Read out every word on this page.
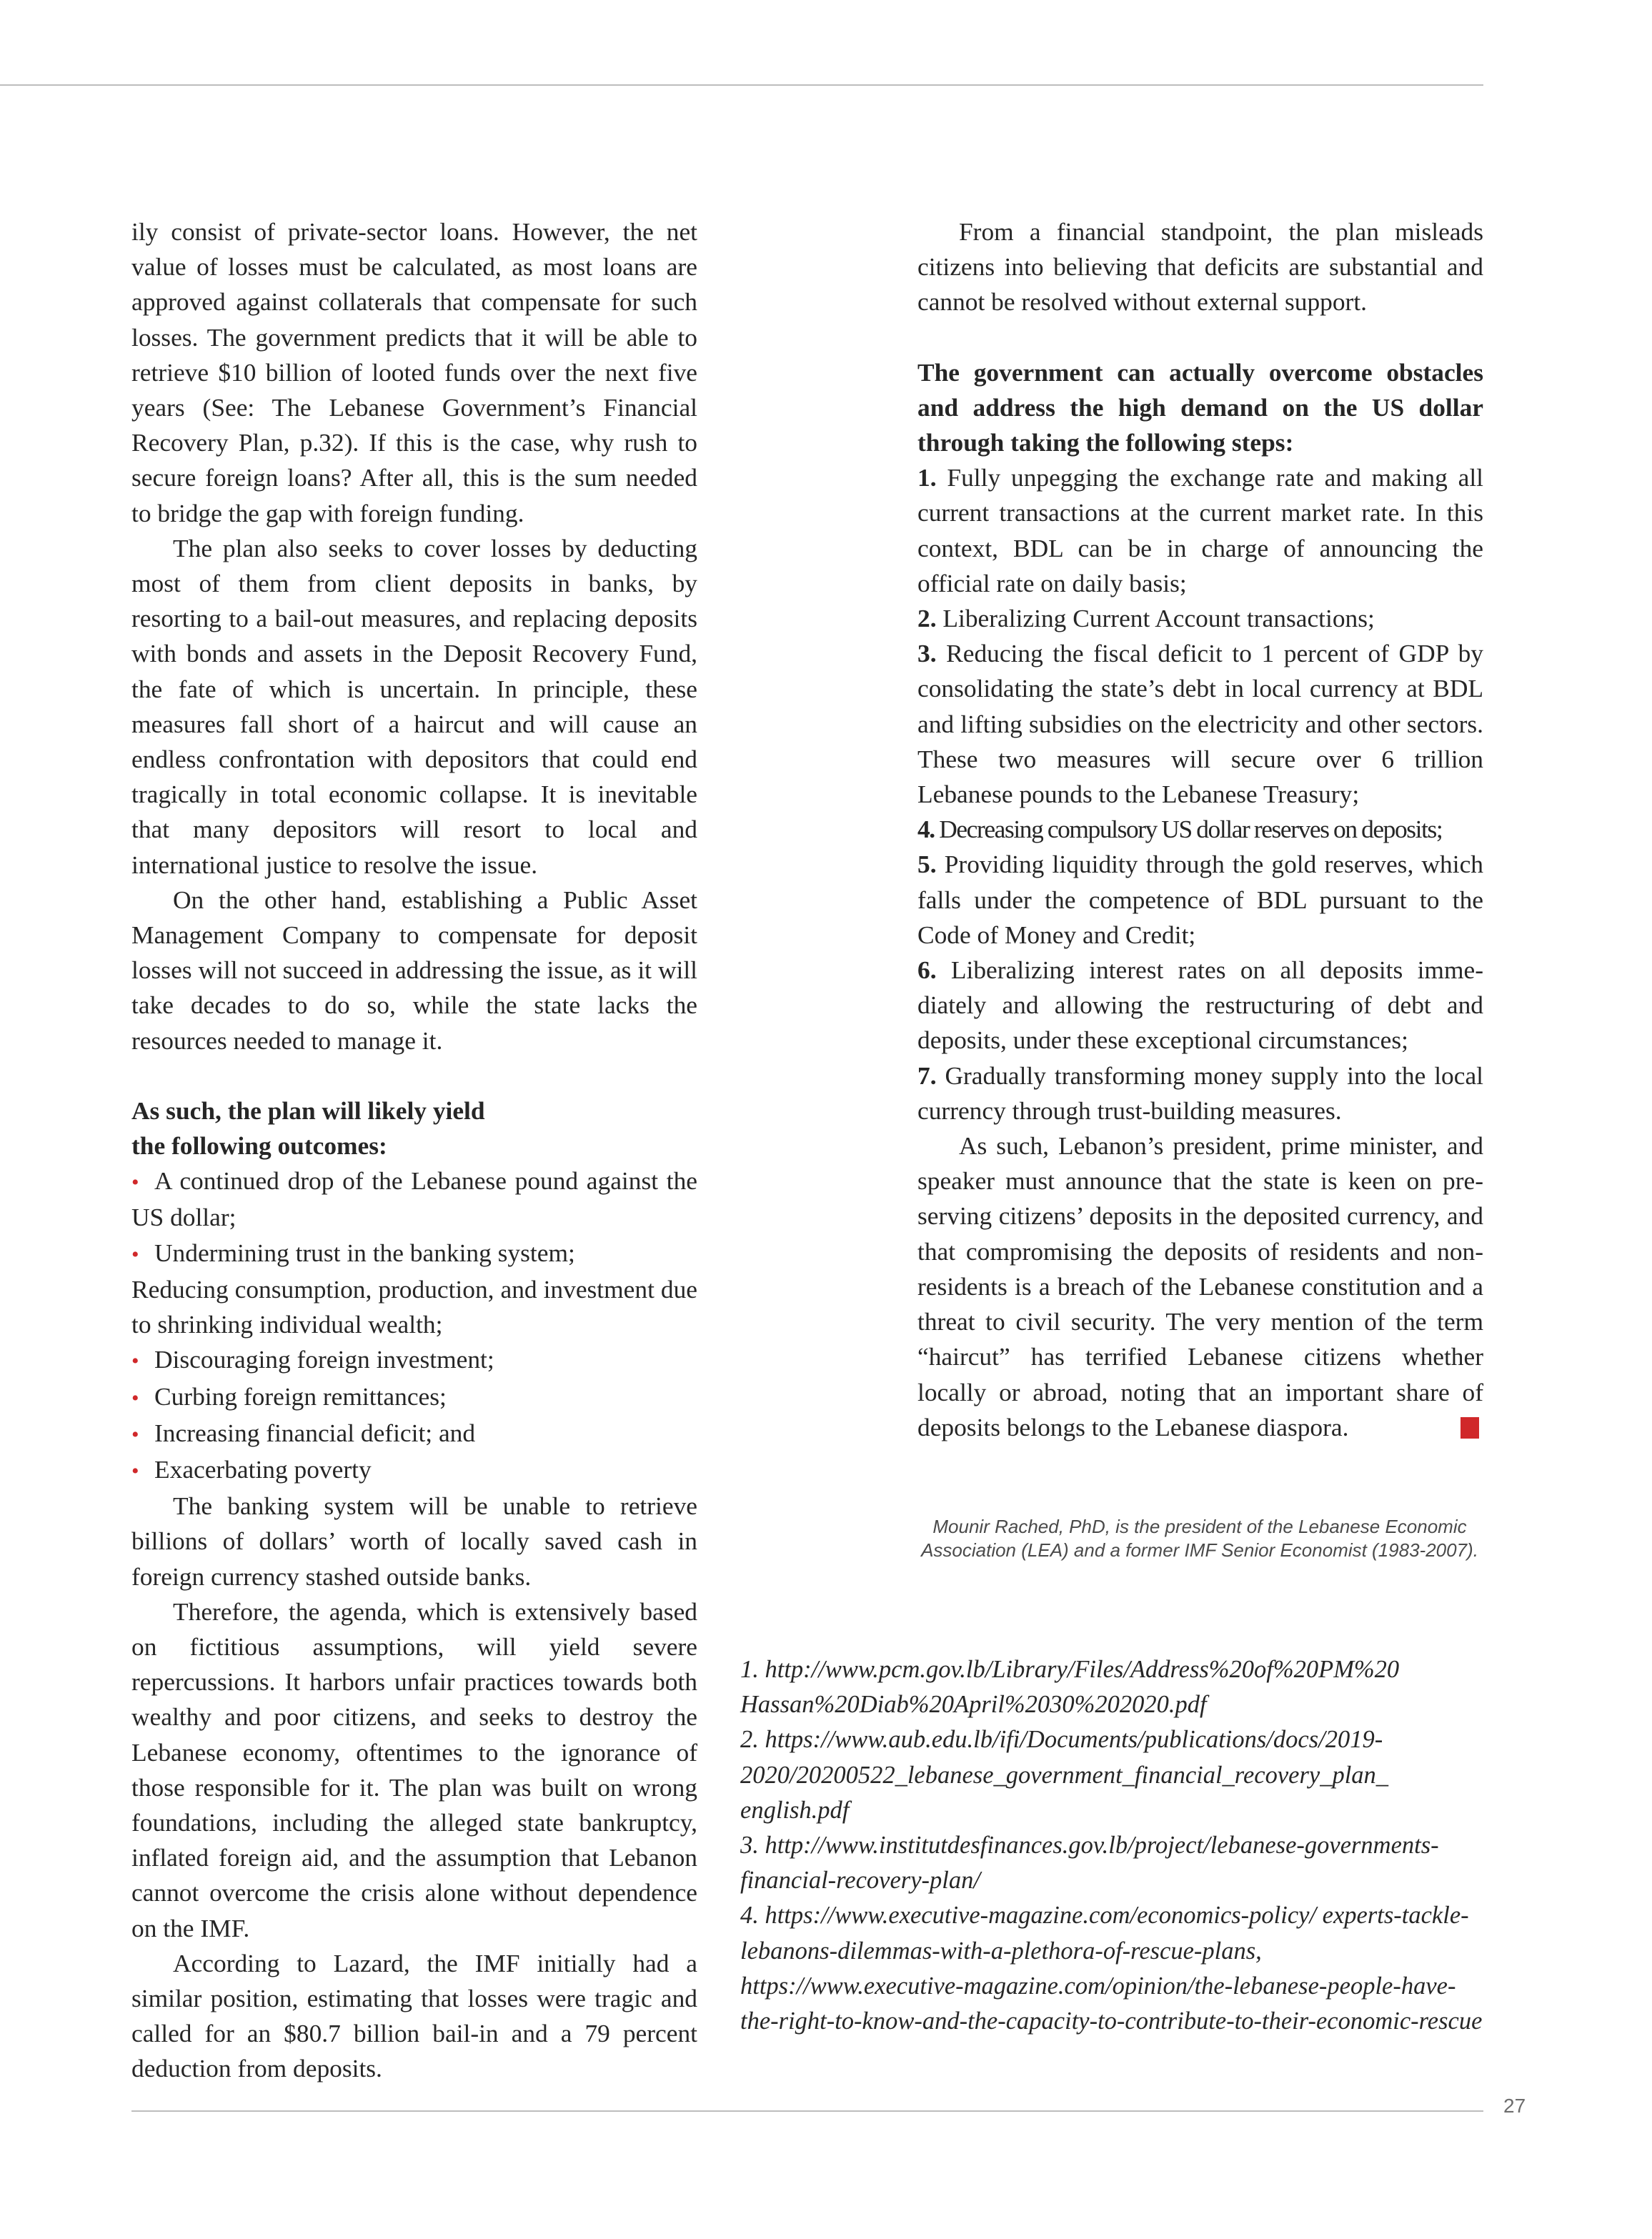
ily consist of private-sector loans. However, the net value of losses must be calculated, as most loans are approved against collaterals that compensate for such losses. The government predicts that it will be able to retrieve $10 billion of looted funds over the next five years (See: The Lebanese Government’s Financial Recovery Plan, p.32). If this is the case, why rush to secure foreign loans? After all, this is the sum needed to bridge the gap with foreign funding.

The plan also seeks to cover losses by deducting most of them from client deposits in banks, by resorting to a bail-out measures, and replacing deposits with bonds and assets in the Deposit Recovery Fund, the fate of which is uncertain. In principle, these measures fall short of a haircut and will cause an endless confrontation with depositors that could end tragically in total economic collapse. It is inevitable that many depositors will resort to local and international justice to resolve the issue.

On the other hand, establishing a Public Asset Management Company to compensate for deposit losses will not succeed in addressing the issue, as it will take decades to do so, while the state lacks the resources needed to manage it.

As such, the plan will likely yield
the following outcomes:

• A continued drop of the Lebanese pound against the US dollar;

• Undermining trust in the banking system;

Reducing consumption, production, and investment due to shrinking individual wealth;

• Discouraging foreign investment;

• Curbing foreign remittances;

• Increasing financial deficit; and

• Exacerbating poverty

The banking system will be unable to retrieve billions of dollars’ worth of locally saved cash in foreign currency stashed outside banks.

Therefore, the agenda, which is extensively based on fictitious assumptions, will yield severe repercussions. It harbors unfair practices towards both wealthy and poor citizens, and seeks to destroy the Lebanese economy, oftentimes to the ignorance of those responsible for it. The plan was built on wrong foundations, including the alleged state bankruptcy, inflated foreign aid, and the assumption that Lebanon cannot overcome the crisis alone without dependence on the IMF.

According to Lazard, the IMF initially had a similar position, estimating that losses were tragic and called for an $80.7 billion bail-in and a 79 percent deduction from deposits.

From a financial standpoint, the plan misleads citizens into believing that deficits are substantial and cannot be resolved without external support.

The government can actually overcome obstacles and address the high demand on the US dollar through taking the following steps:

1. Fully unpegging the exchange rate and making all current transactions at the current market rate. In this context, BDL can be in charge of announcing the official rate on daily basis;

2. Liberalizing Current Account transactions;

3. Reducing the fiscal deficit to 1 percent of GDP by consolidating the state’s debt in local currency at BDL and lifting subsidies on the electricity and other sectors. These two measures will secure over 6 trillion Lebanese pounds to the Lebanese Treasury;

4. Decreasing compulsory US dollar reserves on deposits;

5. Providing liquidity through the gold reserves, which falls under the competence of BDL pursuant to the Code of Money and Credit;

6. Liberalizing interest rates on all deposits immediately and allowing the restructuring of debt and deposits, under these exceptional circumstances;

7. Gradually transforming money supply into the local currency through trust-building measures.

As such, Lebanon’s president, prime minister, and speaker must announce that the state is keen on preserving citizens’ deposits in the deposited currency, and that compromising the deposits of residents and non-residents is a breach of the Lebanese constitution and a threat to civil security. The very mention of the term “haircut” has terrified Lebanese citizens whether locally or abroad, noting that an important share of deposits belongs to the Lebanese diaspora.

Mounir Rached, PhD, is the president of the Lebanese Economic Association (LEA) and a former IMF Senior Economist (1983-2007).

1. http://www.pcm.gov.lb/Library/Files/Address%20of%20PM%20 Hassan%20Diab%20April%2030%202020.pdf

2. https://www.aub.edu.lb/ifi/Documents/publications/docs/2019-2020/20200522_lebanese_government_financial_recovery_plan_ english.pdf

3. http://www.institutdesfinances.gov.lb/project/lebanese-governments-financial-recovery-plan/

4. https://www.executive-magazine.com/economics-policy/ experts-tackle-lebanons-dilemmas-with-a-plethora-of-rescue-plans, https://www.executive-magazine.com/opinion/the-lebanese-people-have-the-right-to-know-and-the-capacity-to-contribute-to-their-economic-rescue

27
